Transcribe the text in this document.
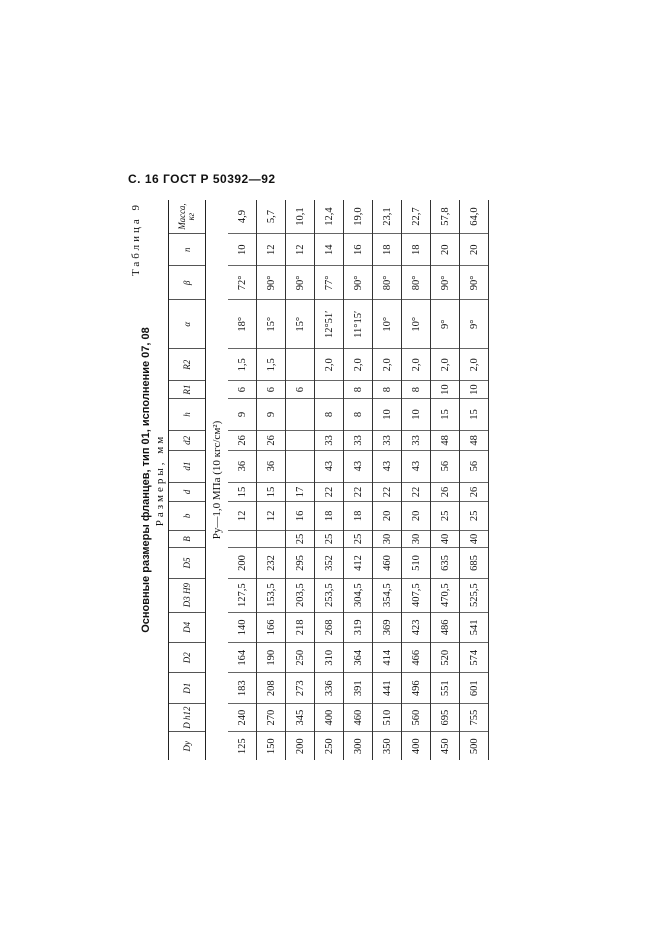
С. 16 ГОСТ Р 50392—92
Таблица 9
Основные размеры фланцев, тип 01, исполнение 07, 08 Размеры, мм
Dy
D h12
D1
D2
D4
D3 H9
D5
B
b
d
d1
d2
h
R1
R2
α
β
n
Масса, кг
Pу—1,0 МПа (10 кгс/см²)
125
240
183
164
140
127,5
200
12
15
36
26
9
6
1,5
18°
72°
10
4,9
150
270
208
190
166
153,5
232
12
15
36
26
9
6
1,5
15°
90°
12
5,7
200
345
273
250
218
203,5
295
25
16
17
6
15°
90°
12
10,1
250
400
336
310
268
253,5
352
25
18
22
43
33
8
2,0
12°51′
77°
14
12,4
300
460
391
364
319
304,5
412
25
18
22
43
33
8
8
2,0
11°15′
90°
16
19,0
350
510
441
414
369
354,5
460
30
20
22
43
33
10
8
2,0
10°
80°
18
23,1
400
560
496
466
423
407,5
510
30
20
22
43
33
10
8
2,0
10°
80°
18
22,7
450
695
551
520
486
470,5
635
40
25
26
56
48
15
10
2,0
9°
90°
20
57,8
500
755
601
574
541
525,5
685
40
25
26
56
48
15
10
2,0
9°
90°
20
64,0
